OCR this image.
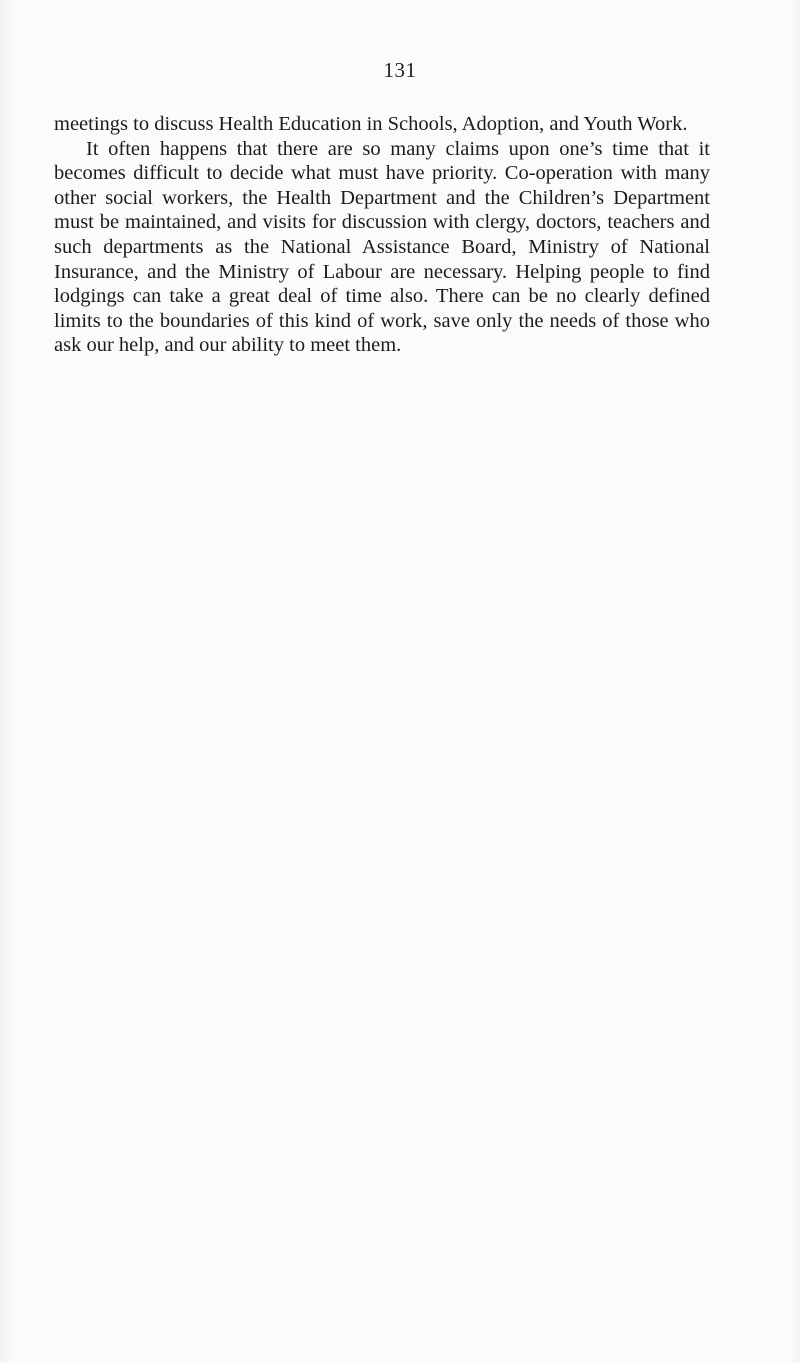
131

meetings to discuss Health Education in Schools, Adoption, and Youth Work.

It often happens that there are so many claims upon one’s time that it becomes difficult to decide what must have priority. Co-operation with many other social workers, the Health Department and the Children’s Department must be maintained, and visits for discussion with clergy, doctors, teachers and such departments as the National Assistance Board, Ministry of National Insurance, and the Ministry of Labour are necessary. Helping people to find lodgings can take a great deal of time also. There can be no clearly defined limits to the boundaries of this kind of work, save only the needs of those who ask our help, and our ability to meet them.
